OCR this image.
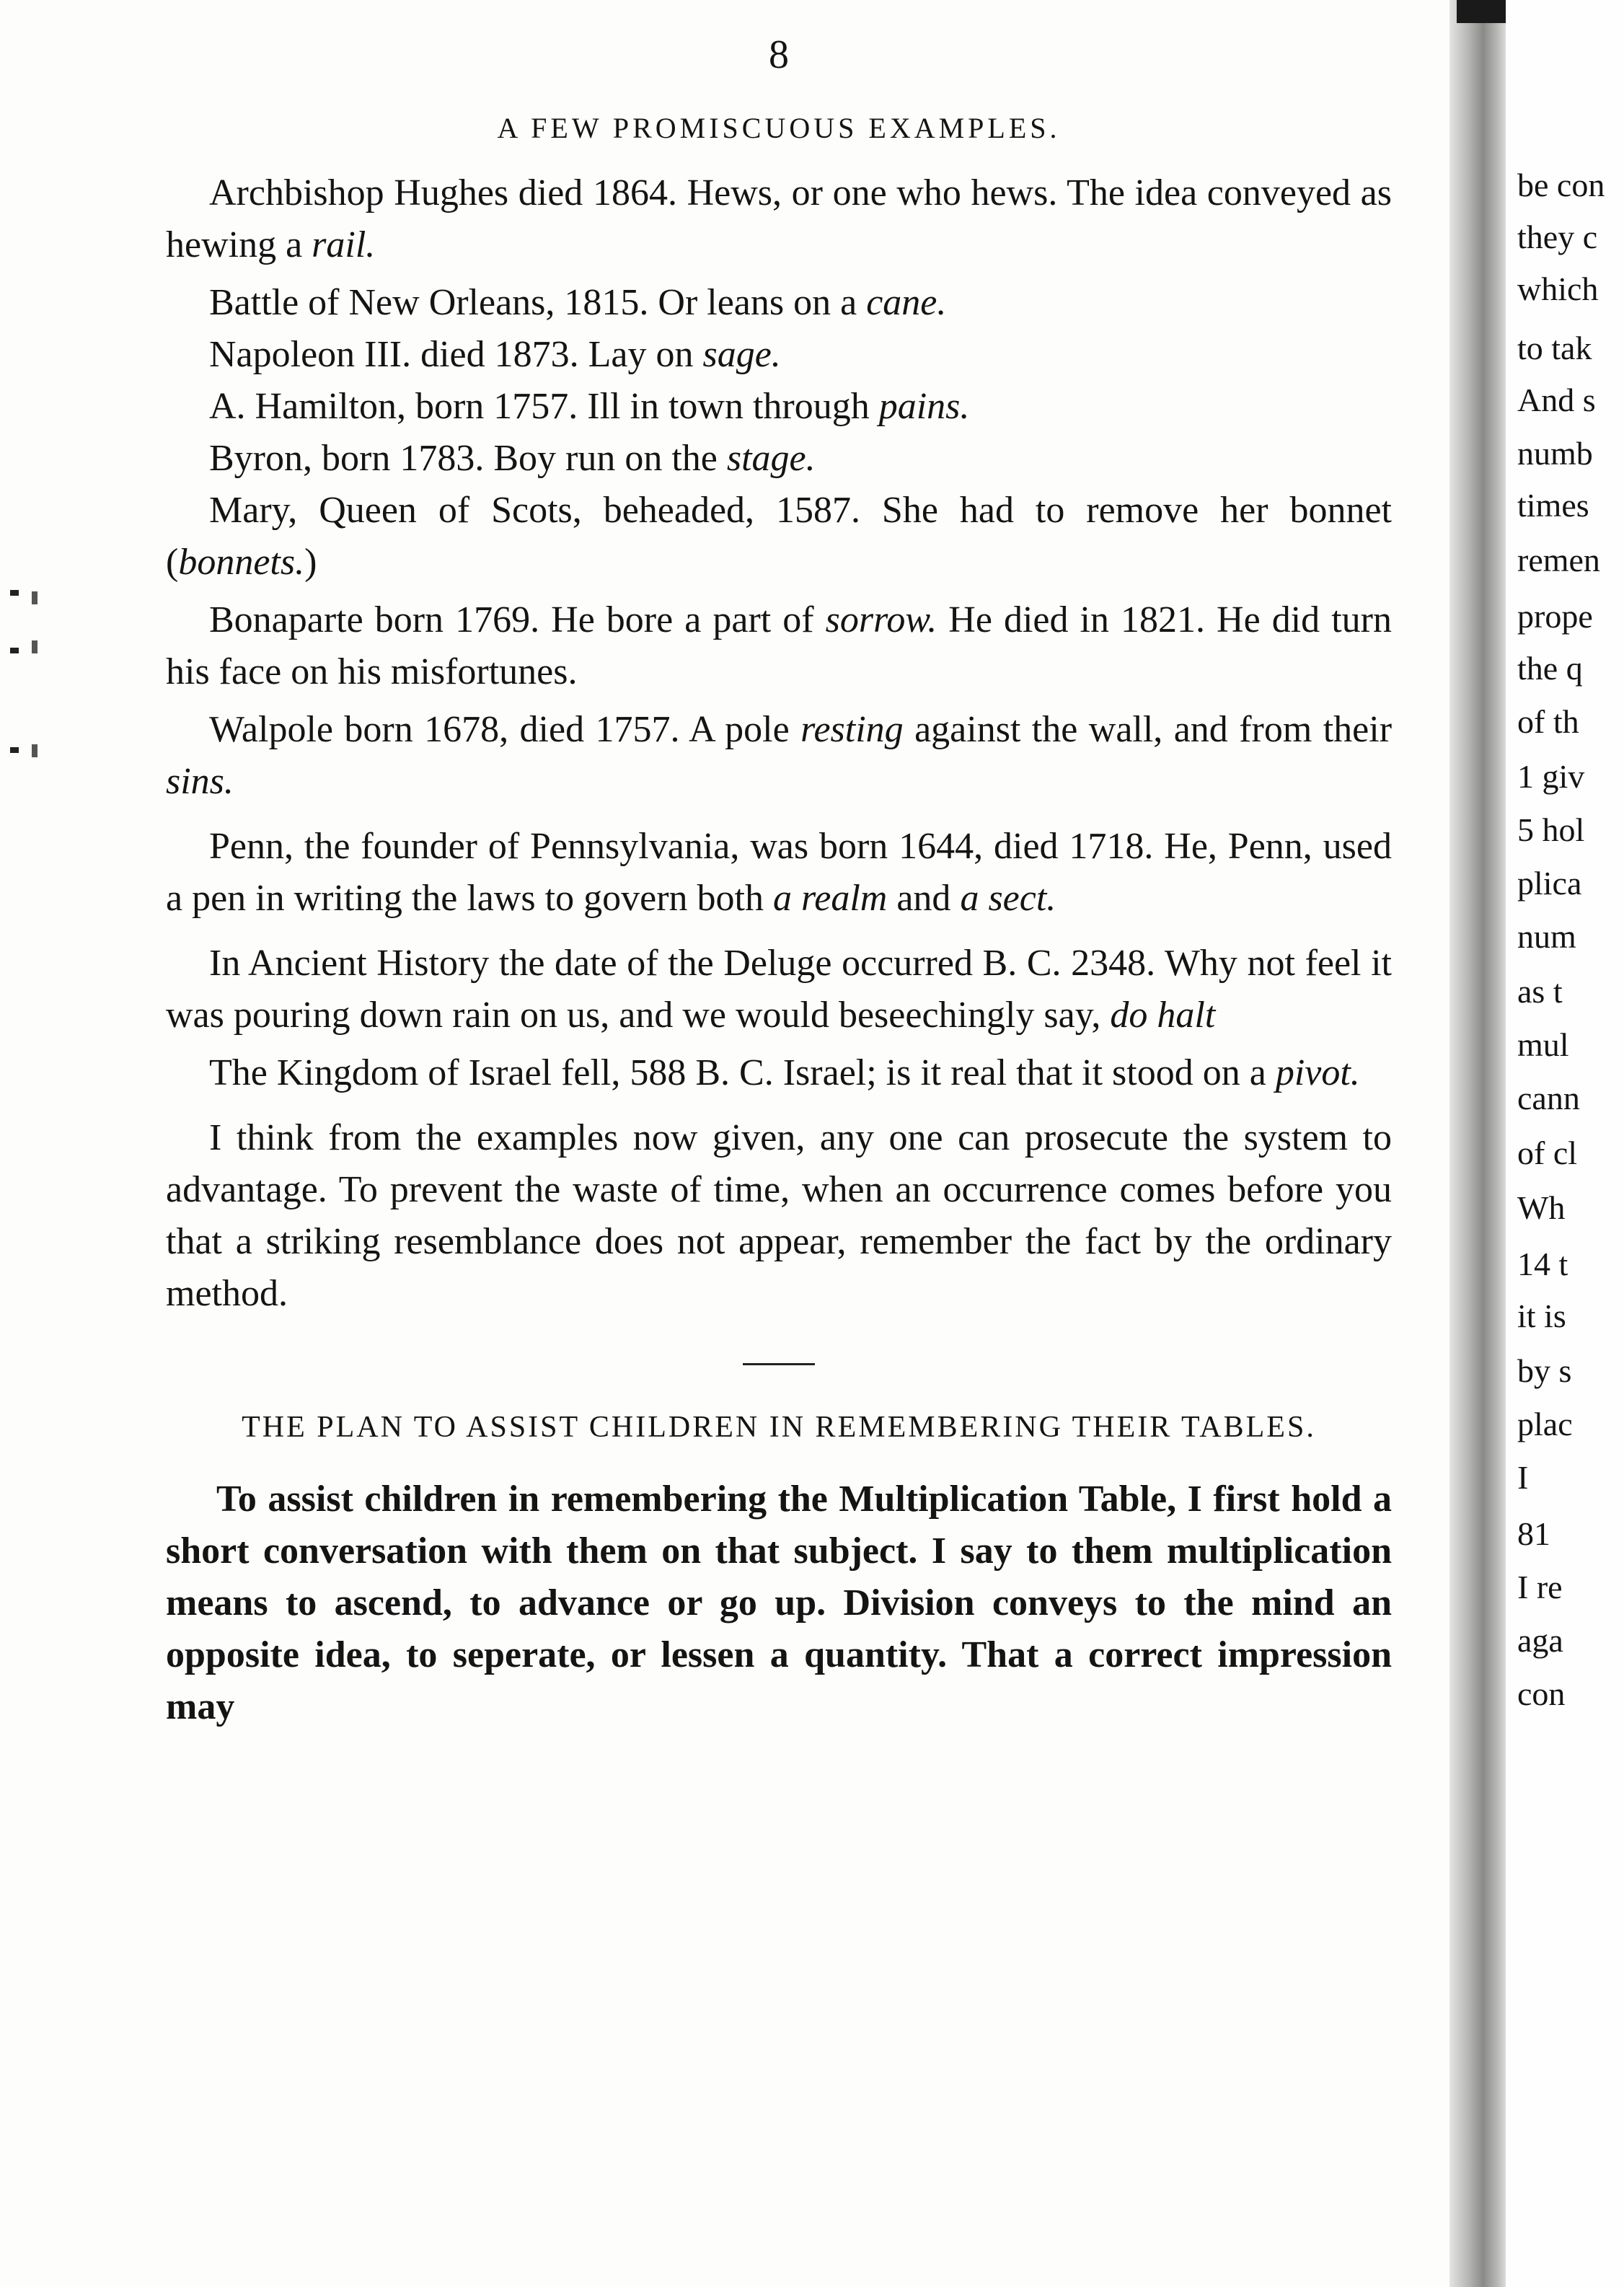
8
A FEW PROMISCUOUS EXAMPLES.

Archbishop Hughes died 1864. Hews, or one who hews. The idea conveyed as hewing a rail.

Battle of New Orleans, 1815. Or leans on a cane.

Napoleon III. died 1873. Lay on sage.

A. Hamilton, born 1757. Ill in town through pains.

Byron, born 1783. Boy run on the stage.

Mary, Queen of Scots, beheaded, 1587. She had to remove her bonnet (bonnets.)

Bonaparte born 1769. He bore a part of sorrow. He died in 1821. He did turn his face on his misfortunes.

Walpole born 1678, died 1757. A pole resting against the wall, and from their sins.

Penn, the founder of Pennsylvania, was born 1644, died 1718. He, Penn, used a pen in writing the laws to govern both a realm and a sect.

In Ancient History the date of the Deluge occurred B. C. 2348. Why not feel it was pouring down rain on us, and we would beseechingly say, do halt

The Kingdom of Israel fell, 588 B. C. Israel; is it real that it stood on a pivot.

I think from the examples now given, any one can prosecute the system to advantage. To prevent the waste of time, when an occurrence comes before you that a striking resemblance does not appear, remember the fact by the ordinary method.

THE PLAN TO ASSIST CHILDREN IN REMEMBERING THEIR TABLES.

To assist children in remembering the Multiplication Table, I first hold a short conversation with them on that subject. I say to them multiplication means to ascend, to advance or go up. Division conveys to the mind an opposite idea, to seperate, or lessen a quantity. That a correct impression may

be con
they c
which
to tak
And s
numb
times
remen
prope
the q
of th
1 giv
5 hol
plica
num
as t
mul
cann
of cl
Wh
14 t
it is
by s
plac
I
81
I re
aga
con
